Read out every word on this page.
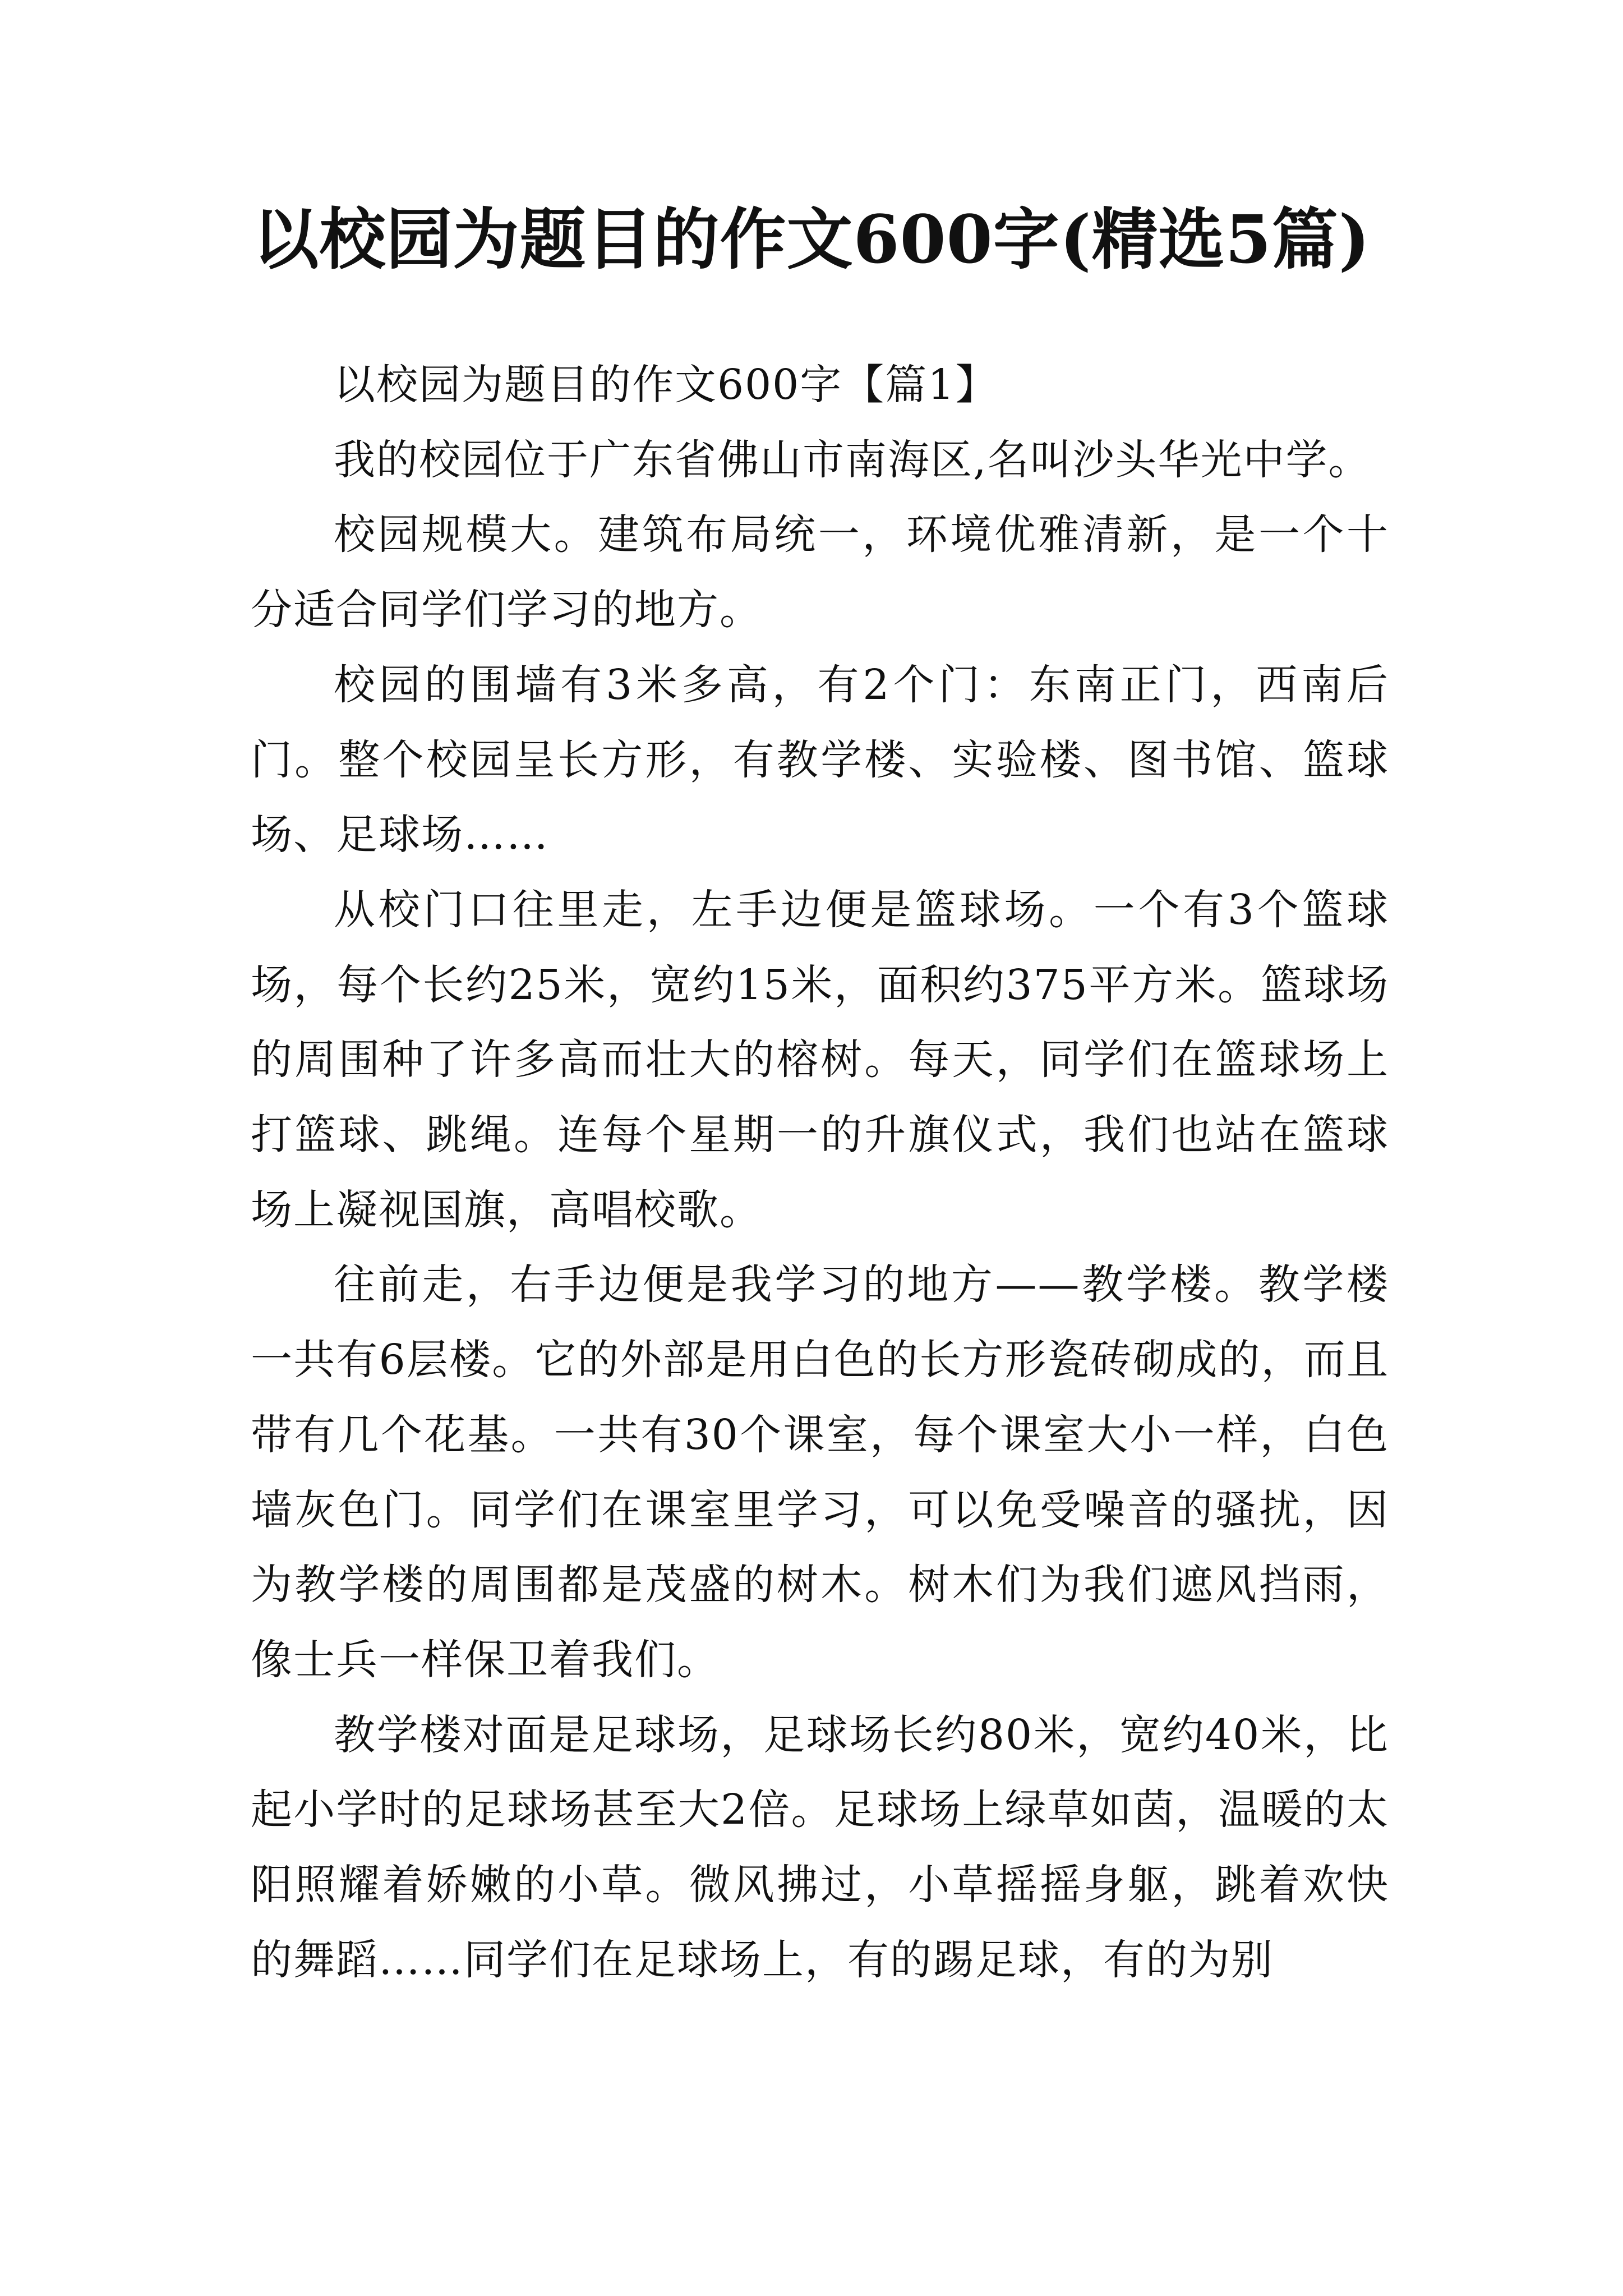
以校园为题目的作文600字(精选5篇)

以校园为题目的作文600字【篇1】

我的校园位于广东省佛山市南海区,名叫沙头华光中学。

校园规模大。建筑布局统一，环境优雅清新，是一个十分适合同学们学习的地方。

校园的围墙有3米多高，有2个门：东南正门，西南后门。整个校园呈长方形，有教学楼、实验楼、图书馆、篮球场、足球场……

从校门口往里走，左手边便是篮球场。一个有3个篮球场，每个长约25米，宽约15米，面积约375平方米。篮球场的周围种了许多高而壮大的榕树。每天，同学们在篮球场上打篮球、跳绳。连每个星期一的升旗仪式，我们也站在篮球场上凝视国旗，高唱校歌。

往前走，右手边便是我学习的地方——教学楼。教学楼一共有6层楼。它的外部是用白色的长方形瓷砖砌成的，而且带有几个花基。一共有30个课室，每个课室大小一样，白色墙灰色门。同学们在课室里学习，可以免受噪音的骚扰，因为教学楼的周围都是茂盛的树木。树木们为我们遮风挡雨，像士兵一样保卫着我们。

教学楼对面是足球场，足球场长约80米，宽约40米，比起小学时的足球场甚至大2倍。足球场上绿草如茵，温暖的太阳照耀着娇嫩的小草。微风拂过，小草摇摇身躯，跳着欢快的舞蹈……同学们在足球场上，有的踢足球，有的为别
